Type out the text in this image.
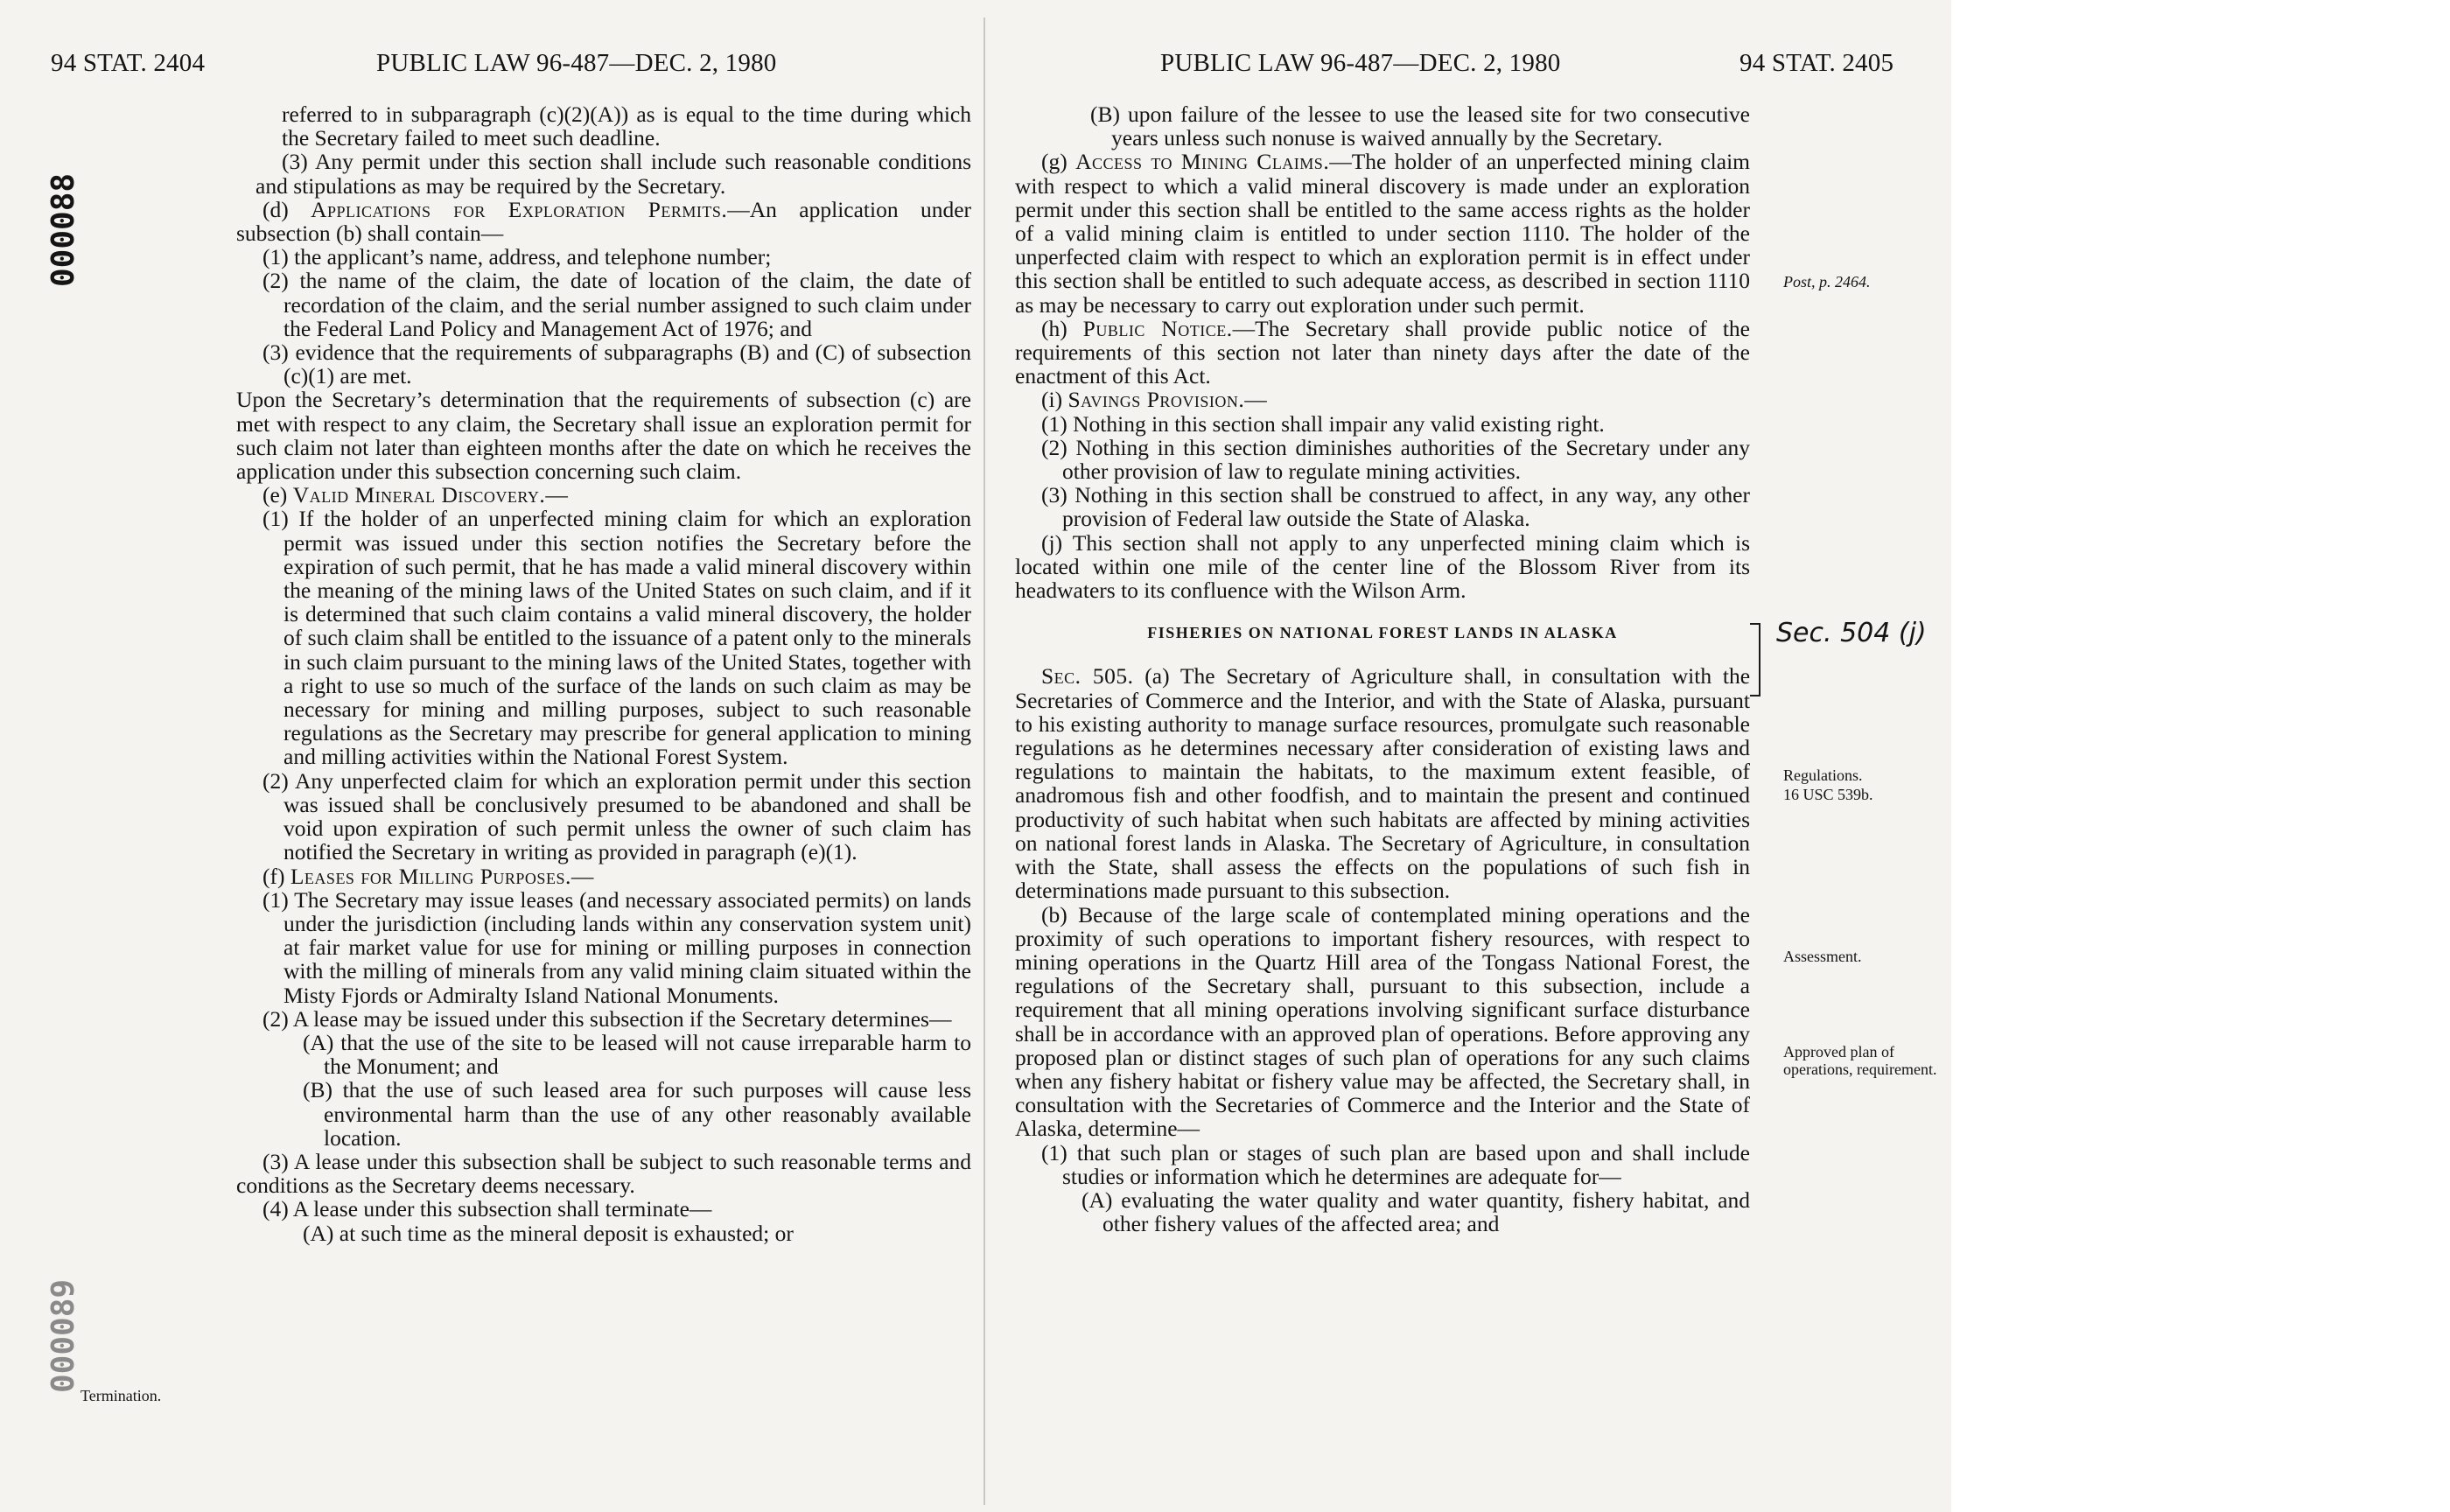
94 STAT. 2404	PUBLIC LAW 96-487—DEC. 2, 1980
000088
000089
Termination.

referred to in subparagraph (c)(2)(A)) as is equal to the time during which the Secretary failed to meet such deadline.

(3) Any permit under this section shall include such reasonable conditions and stipulations as may be required by the Secretary.

(d) Applications for Exploration Permits.—An application under subsection (b) shall contain—

(1) the applicant’s name, address, and telephone number;

(2) the name of the claim, the date of location of the claim, the date of recordation of the claim, and the serial number assigned to such claim under the Federal Land Policy and Management Act of 1976; and

(3) evidence that the requirements of subparagraphs (B) and (C) of subsection (c)(1) are met.

Upon the Secretary’s determination that the requirements of subsection (c) are met with respect to any claim, the Secretary shall issue an exploration permit for such claim not later than eighteen months after the date on which he receives the application under this subsection concerning such claim.

(e) Valid Mineral Discovery.—

(1) If the holder of an unperfected mining claim for which an exploration permit was issued under this section notifies the Secretary before the expiration of such permit, that he has made a valid mineral discovery within the meaning of the mining laws of the United States on such claim, and if it is determined that such claim contains a valid mineral discovery, the holder of such claim shall be entitled to the issuance of a patent only to the minerals in such claim pursuant to the mining laws of the United States, together with a right to use so much of the surface of the lands on such claim as may be necessary for mining and milling purposes, subject to such reasonable regulations as the Secretary may prescribe for general application to mining and milling activities within the National Forest System.

(2) Any unperfected claim for which an exploration permit under this section was issued shall be conclusively presumed to be abandoned and shall be void upon expiration of such permit unless the owner of such claim has notified the Secretary in writing as provided in paragraph (e)(1).

(f) Leases for Milling Purposes.—

(1) The Secretary may issue leases (and necessary associated permits) on lands under the jurisdiction (including lands within any conservation system unit) at fair market value for use for mining or milling purposes in connection with the milling of minerals from any valid mining claim situated within the Misty Fjords or Admiralty Island National Monuments.

(2) A lease may be issued under this subsection if the Secretary determines—

(A) that the use of the site to be leased will not cause irreparable harm to the Monument; and

(B) that the use of such leased area for such purposes will cause less environmental harm than the use of any other reasonably available location.

(3) A lease under this subsection shall be subject to such reasonable terms and conditions as the Secretary deems necessary.

(4) A lease under this subsection shall terminate—

(A) at such time as the mineral deposit is exhausted; or

PUBLIC LAW 96-487—DEC. 2, 1980	94 STAT. 2405

(B) upon failure of the lessee to use the leased site for two consecutive years unless such nonuse is waived annually by the Secretary.

(g) Access to Mining Claims.—The holder of an unperfected mining claim with respect to which a valid mineral discovery is made under an exploration permit under this section shall be entitled to the same access rights as the holder of a valid mining claim is entitled to under section 1110. The holder of the unperfected claim with respect to which an exploration permit is in effect under this section shall be entitled to such adequate access, as described in section 1110 as may be necessary to carry out exploration under such permit.

(h) Public Notice.—The Secretary shall provide public notice of the requirements of this section not later than ninety days after the date of the enactment of this Act.

(i) Savings Provision.—

(1) Nothing in this section shall impair any valid existing right.

(2) Nothing in this section diminishes authorities of the Secretary under any other provision of law to regulate mining activities.

(3) Nothing in this section shall be construed to affect, in any way, any other provision of Federal law outside the State of Alaska.

(j) This section shall not apply to any unperfected mining claim which is located within one mile of the center line of the Blossom River from its headwaters to its confluence with the Wilson Arm.

FISHERIES ON NATIONAL FOREST LANDS IN ALASKA

Sec. 505. (a) The Secretary of Agriculture shall, in consultation with the Secretaries of Commerce and the Interior, and with the State of Alaska, pursuant to his existing authority to manage surface resources, promulgate such reasonable regulations as he determines necessary after consideration of existing laws and regulations to maintain the habitats, to the maximum extent feasible, of anadromous fish and other foodfish, and to maintain the present and continued productivity of such habitat when such habitats are affected by mining activities on national forest lands in Alaska. The Secretary of Agriculture, in consultation with the State, shall assess the effects on the populations of such fish in determinations made pursuant to this subsection.

(b) Because of the large scale of contemplated mining operations and the proximity of such operations to important fishery resources, with respect to mining operations in the Quartz Hill area of the Tongass National Forest, the regulations of the Secretary shall, pursuant to this subsection, include a requirement that all mining operations involving significant surface disturbance shall be in accordance with an approved plan of operations. Before approving any proposed plan or distinct stages of such plan of operations for any such claims when any fishery habitat or fishery value may be affected, the Secretary shall, in consultation with the Secretaries of Commerce and the Interior and the State of Alaska, determine—

(1) that such plan or stages of such plan are based upon and shall include studies or information which he determines are adequate for—

(A) evaluating the water quality and water quantity, fishery habitat, and other fishery values of the affected area; and

Sec. 504 (j)
Post, p. 2464.
Regulations.
16 USC 539b.
Assessment.
Approved plan of operations, requirement.
